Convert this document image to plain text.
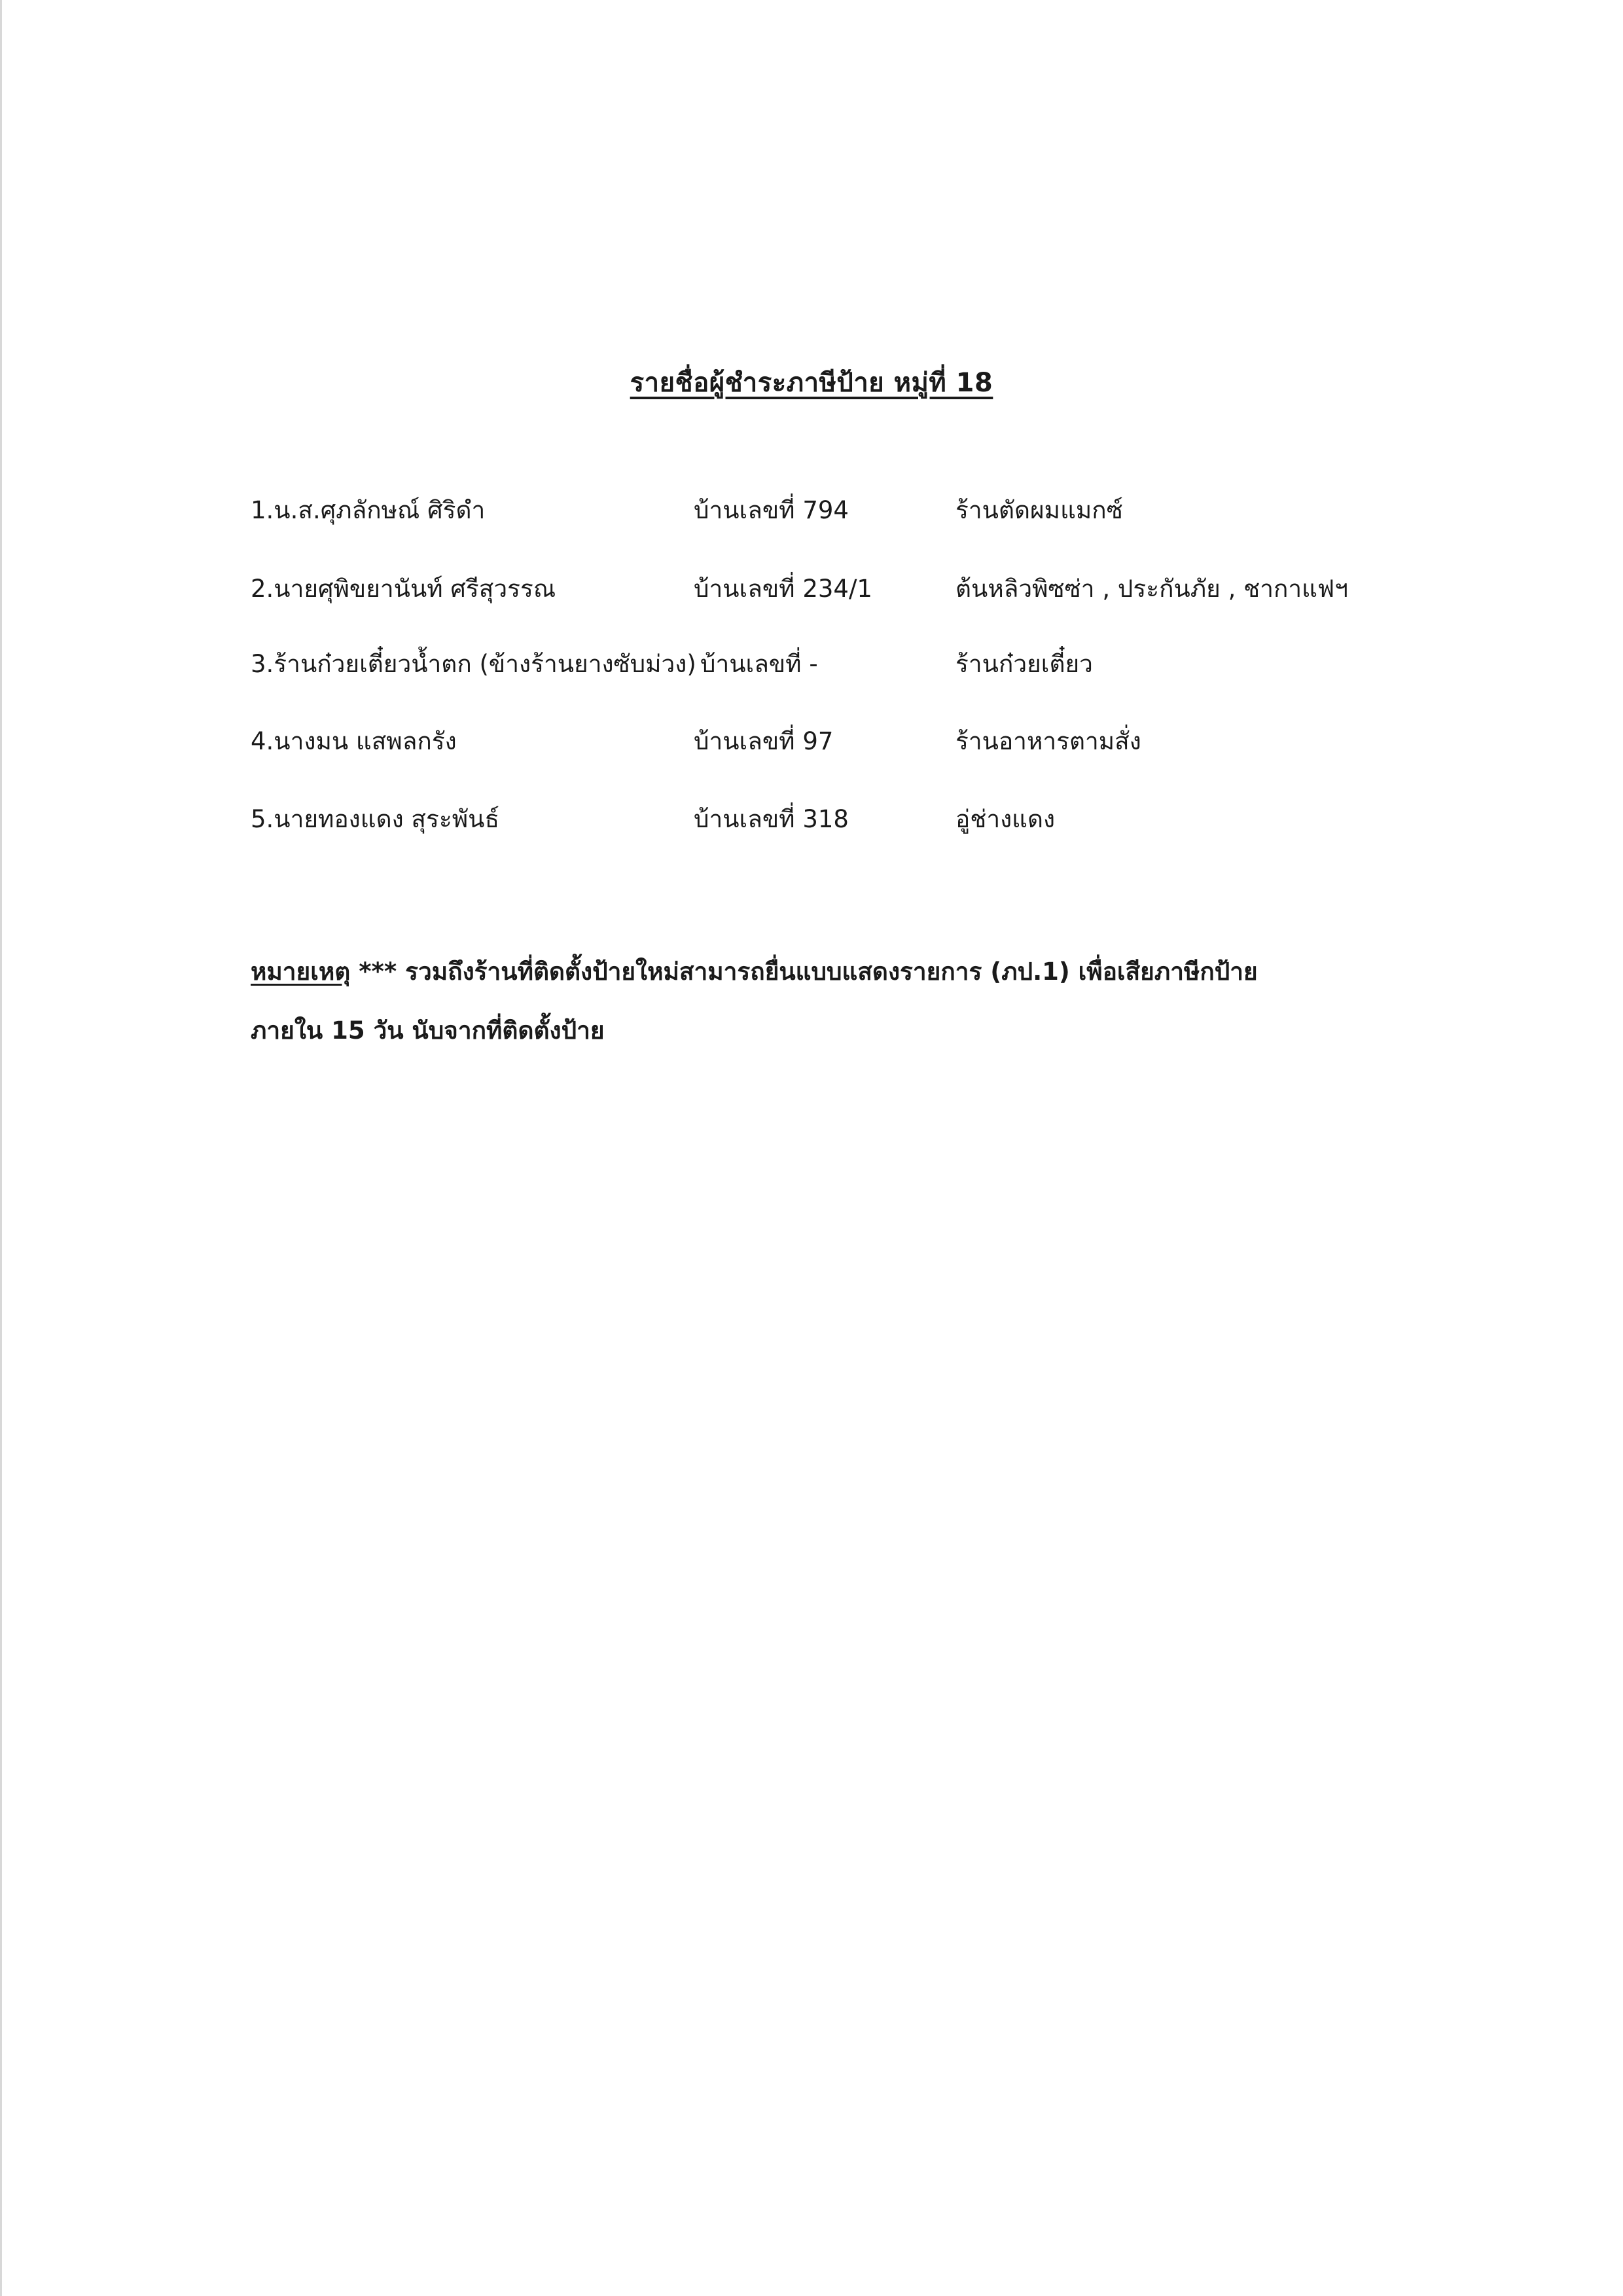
รายชื่อผู้ชำระภาษีป้าย หมู่ที่ 18
1.น.ส.ศุภลักษณ์ ศิริดำ	บ้านเลขที่ 794	ร้านตัดผมแมกซ์
2.นายศุพิขยานันท์ ศรีสุวรรณ	บ้านเลขที่ 234/1	ต้นหลิวพิซซ่า , ประกันภัย , ชากาแฟฯ
3.ร้านก๋วยเตี๋ยวน้ำตก (ข้างร้านยางซับม่วง) บ้านเลขที่ -	ร้านก๋วยเตี๋ยว
4.นางมน แสพลกรัง	บ้านเลขที่ 97	ร้านอาหารตามสั่ง
5.นายทองแดง สุระพันธ์	บ้านเลขที่ 318	อู่ช่างแดง
หมายเหตุ *** รวมถึงร้านที่ติดตั้งป้ายใหม่สามารถยื่นแบบแสดงรายการ (ภป.1) เพื่อเสียภาษีกป้าย
ภายใน 15 วัน นับจากที่ติดตั้งป้าย
